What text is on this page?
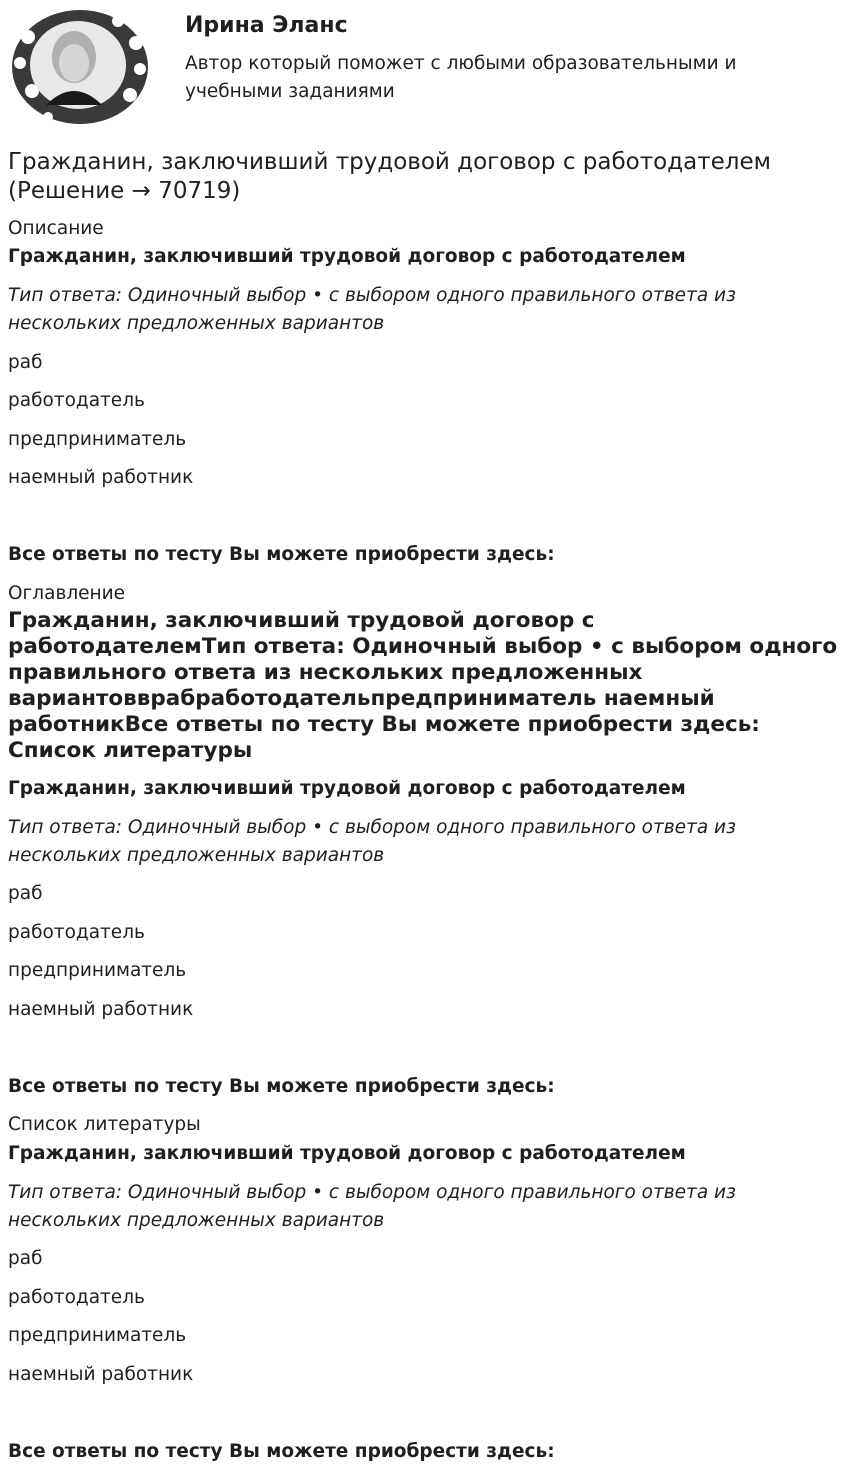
Ирина Эланс
Автор который поможет с любыми образовательными и учебными заданиями
Гражданин, заключивший трудовой договор с работодателем (Решение → 70719)
Описание
Гражданин, заключивший трудовой договор с работодателем
Тип ответа: Одиночный выбор • с выбором одного правильного ответа из нескольких предложенных вариантов
раб
работодатель
предприниматель
наемный работник
Все ответы по тесту Вы можете приобрести здесь:
Оглавление
Гражданин, заключивший трудовой договор с работодателемТип ответа: Одиночный выбор • с выбором одного правильного ответа из нескольких предложенных вариантовврабработодательпредприниматель наемный работникВсе ответы по тесту Вы можете приобрести здесь: Список литературы
Гражданин, заключивший трудовой договор с работодателем
Тип ответа: Одиночный выбор • с выбором одного правильного ответа из нескольких предложенных вариантов
раб
работодатель
предприниматель
наемный работник
Все ответы по тесту Вы можете приобрести здесь:
Список литературы
Гражданин, заключивший трудовой договор с работодателем
Тип ответа: Одиночный выбор • с выбором одного правильного ответа из нескольких предложенных вариантов
раб
работодатель
предприниматель
наемный работник
Все ответы по тесту Вы можете приобрести здесь:
